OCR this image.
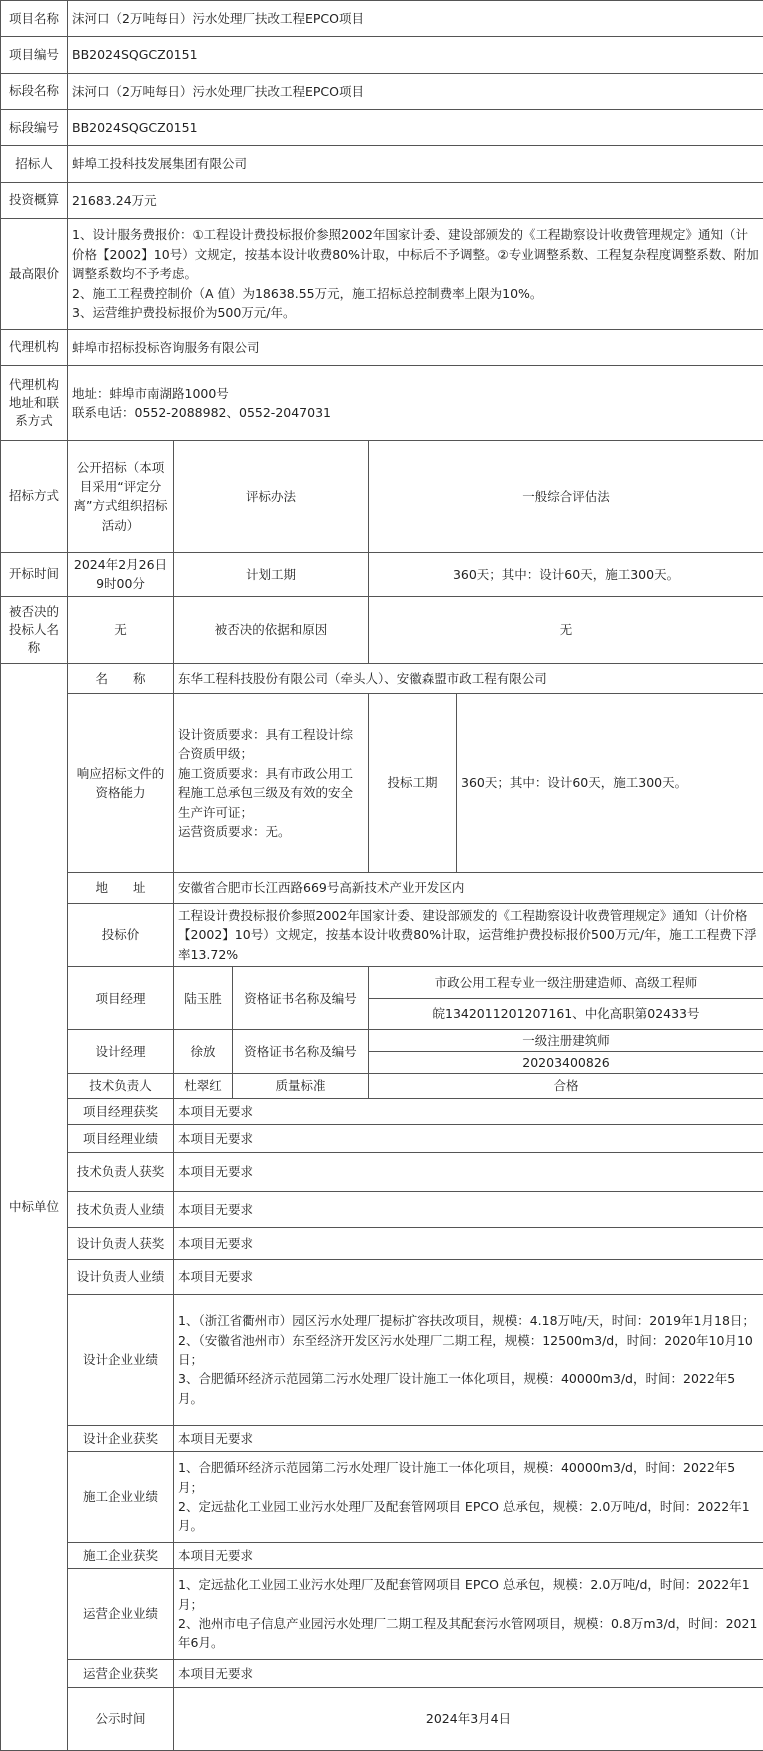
项目名称	沫河口（2万吨每日）污水处理厂扶改工程EPCO项目
项目编号	BB2024SQGCZ0151
标段名称	沫河口（2万吨每日）污水处理厂扶改工程EPCO项目
标段编号	BB2024SQGCZ0151
招标人	蚌埠工投科技发展集团有限公司
投资概算	21683.24万元
最高限价	1、设计服务费报价：①工程设计费投标报价参照2002年国家计委、建设部颁发的《工程勘察设计收费管理规定》通知（计价格【2002】10号）文规定，按基本设计收费80%计取，中标后不予调整。②专业调整系数、工程复杂程度调整系数、附加调整系数均不予考虑。
2、施工工程费控制价（A 值）为18638.55万元，施工招标总控制费率上限为10%。
3、运营维护费投标报价为500万元/年。
代理机构	蚌埠市招标投标咨询服务有限公司
代理机构地址和联系方式	地址：蚌埠市南湖路1000号
联系电话：0552-2088982、0552-2047031
招标方式	公开招标（本项目采用“评定分离”方式组织招标活动）	评标办法	一般综合评估法
开标时间	2024年2月26日9时00分	计划工期	360天；其中：设计60天，施工300天。
被否决的投标人名称	无	被否决的依据和原因	无
中标单位	名　　称	东华工程科技股份有限公司（牵头人）、安徽森盟市政工程有限公司
响应招标文件的资格能力	设计资质要求：具有工程设计综合资质甲级；
施工资质要求：具有市政公用工程施工总承包三级及有效的安全生产许可证；
运营资质要求：无。	投标工期	360天；其中：设计60天，施工300天。
地　　址	安徽省合肥市长江西路669号高新技术产业开发区内
投标价	工程设计费投标报价参照2002年国家计委、建设部颁发的《工程勘察设计收费管理规定》通知（计价格【2002】10号）文规定，按基本设计收费80%计取，运营维护费投标报价500万元/年，施工工程费下浮率13.72%
项目经理	陆玉胜	资格证书名称及编号	
市政公用工程专业一级注册建造师、高级工程师
皖1342011201207161、中化高职第02433号

设计经理	徐放	资格证书名称及编号	
一级注册建筑师
20203400826

技术负责人	杜翠红	质量标准	合格
项目经理获奖	本项目无要求
项目经理业绩	本项目无要求
技术负责人获奖	本项目无要求
技术负责人业绩	本项目无要求
设计负责人获奖	本项目无要求
设计负责人业绩	本项目无要求
设计企业业绩	1、（浙江省衢州市）园区污水处理厂提标扩容扶改项目，规模：4.18万吨/天，时间：2019年1月18日；
2、（安徽省池州市）东至经济开发区污水处理厂二期工程，规模：12500m3/d，时间：2020年10月10日；
3、合肥循环经济示范园第二污水处理厂设计施工一体化项目，规模：40000m3/d，时间：2022年5月。
设计企业获奖	本项目无要求
施工企业业绩	1、合肥循环经济示范园第二污水处理厂设计施工一体化项目，规模：40000m3/d，时间：2022年5月；
2、定远盐化工业园工业污水处理厂及配套管网项目 EPCO 总承包，规模：2.0万吨/d，时间：2022年1月。
施工企业获奖	本项目无要求
运营企业业绩	1、定远盐化工业园工业污水处理厂及配套管网项目 EPCO 总承包，规模：2.0万吨/d，时间：2022年1月；
2、池州市电子信息产业园污水处理厂二期工程及其配套污水管网项目，规模：0.8万m3/d，时间：2021年6月。
运营企业获奖	本项目无要求
公示时间	2024年3月4日
